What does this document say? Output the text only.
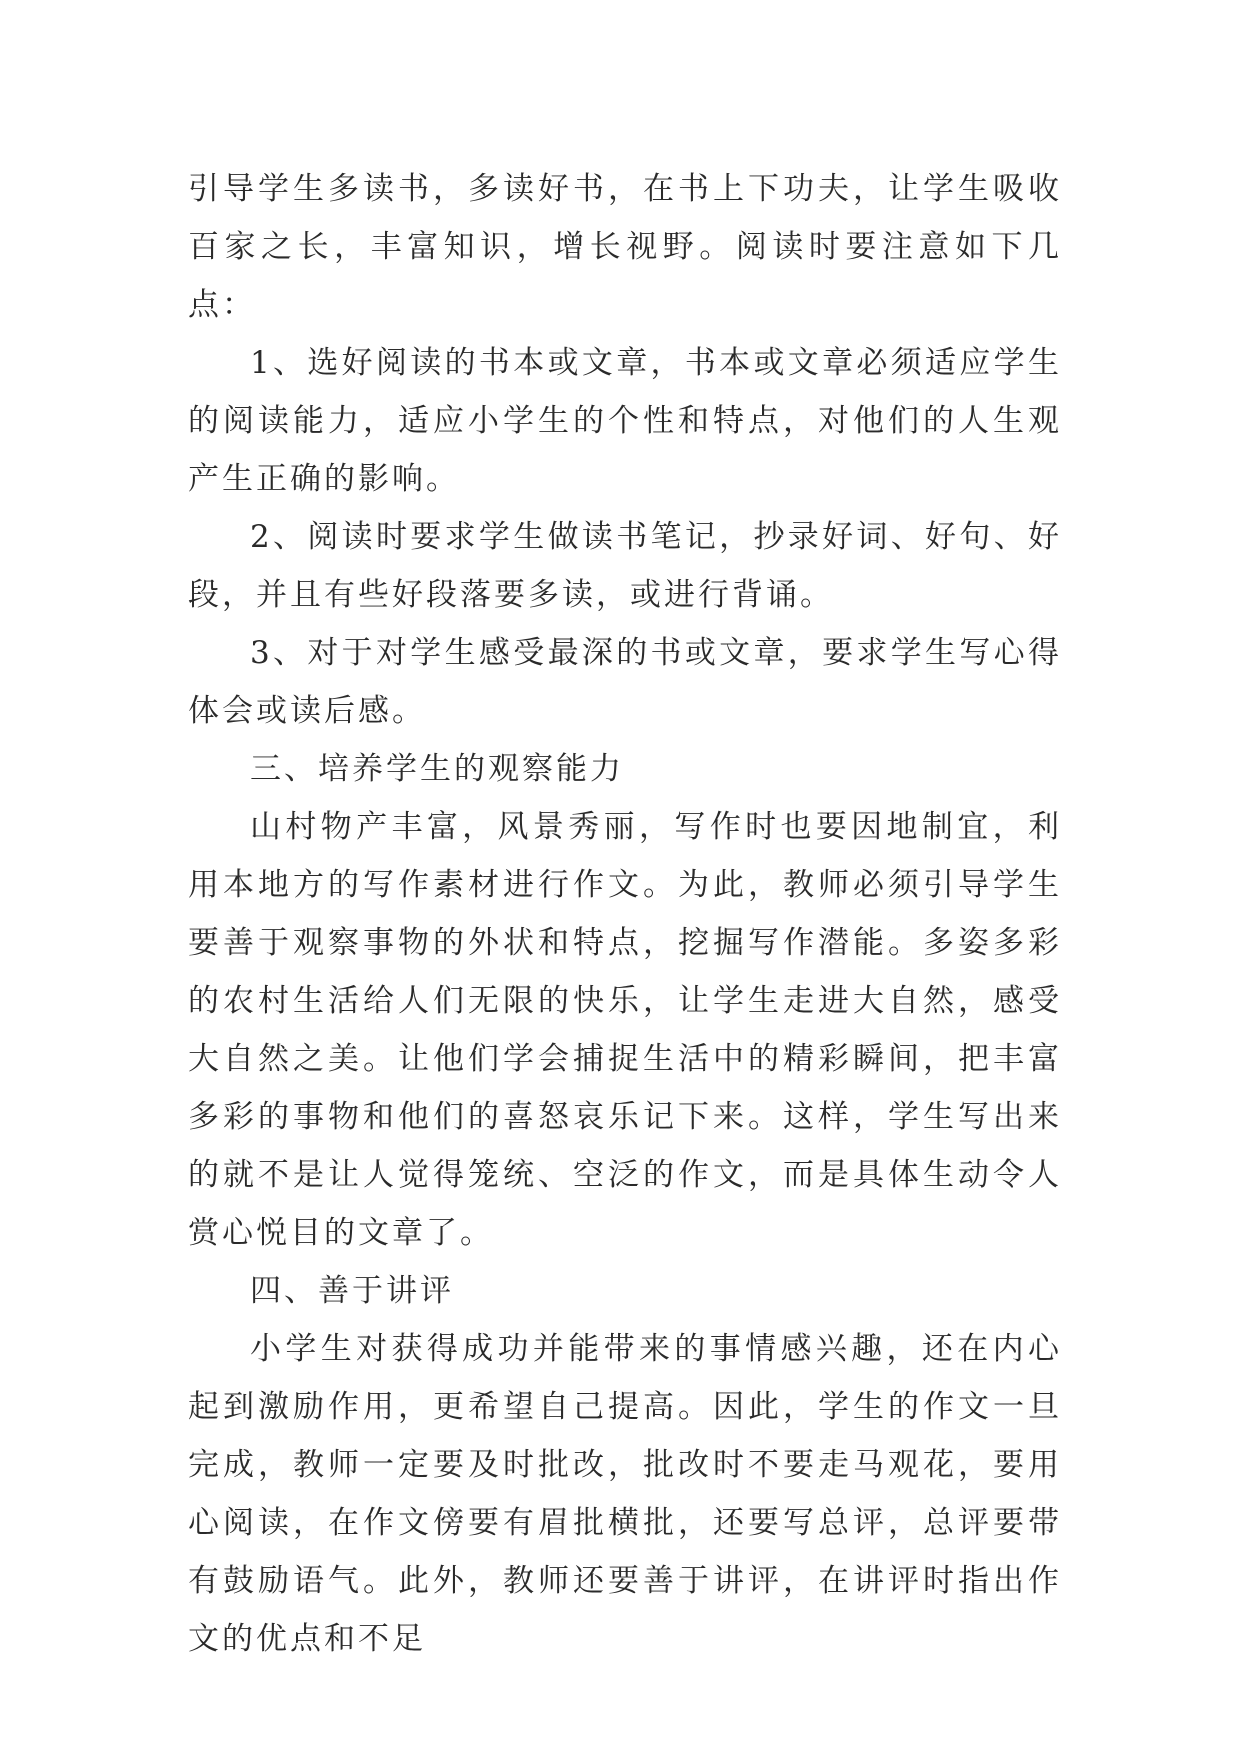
引导学生多读书，多读好书，在书上下功夫，让学生吸收百家之长，丰富知识，增长视野。阅读时要注意如下几点：

1、选好阅读的书本或文章，书本或文章必须适应学生的阅读能力，适应小学生的个性和特点，对他们的人生观产生正确的影响。

2、阅读时要求学生做读书笔记，抄录好词、好句、好段，并且有些好段落要多读，或进行背诵。

3、对于对学生感受最深的书或文章，要求学生写心得体会或读后感。

三、培养学生的观察能力

山村物产丰富，风景秀丽，写作时也要因地制宜，利用本地方的写作素材进行作文。为此，教师必须引导学生要善于观察事物的外状和特点，挖掘写作潜能。多姿多彩的农村生活给人们无限的快乐，让学生走进大自然，感受大自然之美。让他们学会捕捉生活中的精彩瞬间，把丰富多彩的事物和他们的喜怒哀乐记下来。这样，学生写出来的就不是让人觉得笼统、空泛的作文，而是具体生动令人赏心悦目的文章了。

四、善于讲评

小学生对获得成功并能带来的事情感兴趣，还在内心起到激励作用，更希望自己提高。因此，学生的作文一旦完成，教师一定要及时批改，批改时不要走马观花，要用心阅读，在作文傍要有眉批横批，还要写总评，总评要带有鼓励语气。此外，教师还要善于讲评，在讲评时指出作文的优点和不足
